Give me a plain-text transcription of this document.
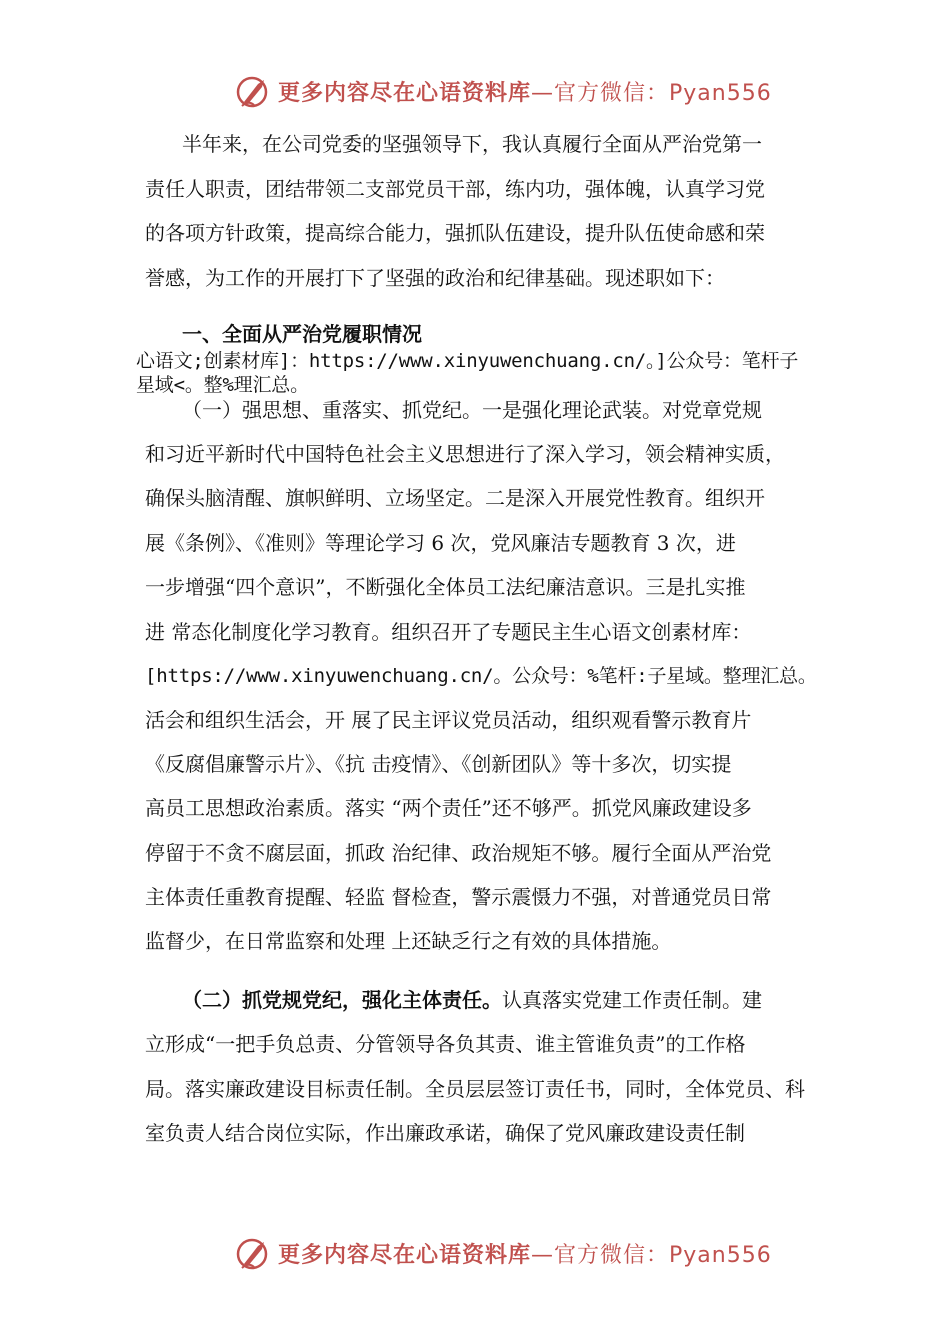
更多内容尽在心语资料库—官方微信：Pyan556
半年来，在公司党委的坚强领导下，我认真履行全面从严治党第一
责任人职责，团结带领二支部党员干部，练内功，强体魄，认真学习党
的各项方针政策，提高综合能力，强抓队伍建设，提升队伍使命感和荣
誉感，为工作的开展打下了坚强的政治和纪律基础。现述职如下：
一、全面从严治党履职情况
心语文;创素材库]：https://www.xinyuwenchuang.cn/。]公众号：笔杆子
星域<。整%理汇总。
（一）强思想、重落实、抓党纪。一是强化理论武装。对党章党规
和习近平新时代中国特色社会主义思想进行了深入学习，领会精神实质，
确保头脑清醒、旗帜鲜明、立场坚定。二是深入开展党性教育。组织开
展《条例》、《准则》等理论学习 6 次，党风廉洁专题教育 3 次，进
一步增强“四个意识”，不断强化全体员工法纪廉洁意识。三是扎实推
进 常态化制度化学习教育。组织召开了专题民主生心语文创素材库：
[https://www.xinyuwenchuang.cn/。公众号：%笔杆:子星域。整理汇总。
活会和组织生活会，开 展了民主评议党员活动，组织观看警示教育片
《反腐倡廉警示片》、《抗 击疫情》、《创新团队》等十多次，切实提
高员工思想政治素质。落实 “两个责任”还不够严。抓党风廉政建设多
停留于不贪不腐层面，抓政 治纪律、政治规矩不够。履行全面从严治党
主体责任重教育提醒、轻监 督检查，警示震慑力不强，对普通党员日常
监督少，在日常监察和处理 上还缺乏行之有效的具体措施。
（二）抓党规党纪，强化主体责任。认真落实党建工作责任制。建
立形成“一把手负总责、分管领导各负其责、谁主管谁负责”的工作格
局。落实廉政建设目标责任制。全员层层签订责任书，同时，全体党员、科
室负责人结合岗位实际，作出廉政承诺，确保了党风廉政建设责任制
更多内容尽在心语资料库—官方微信：Pyan556
